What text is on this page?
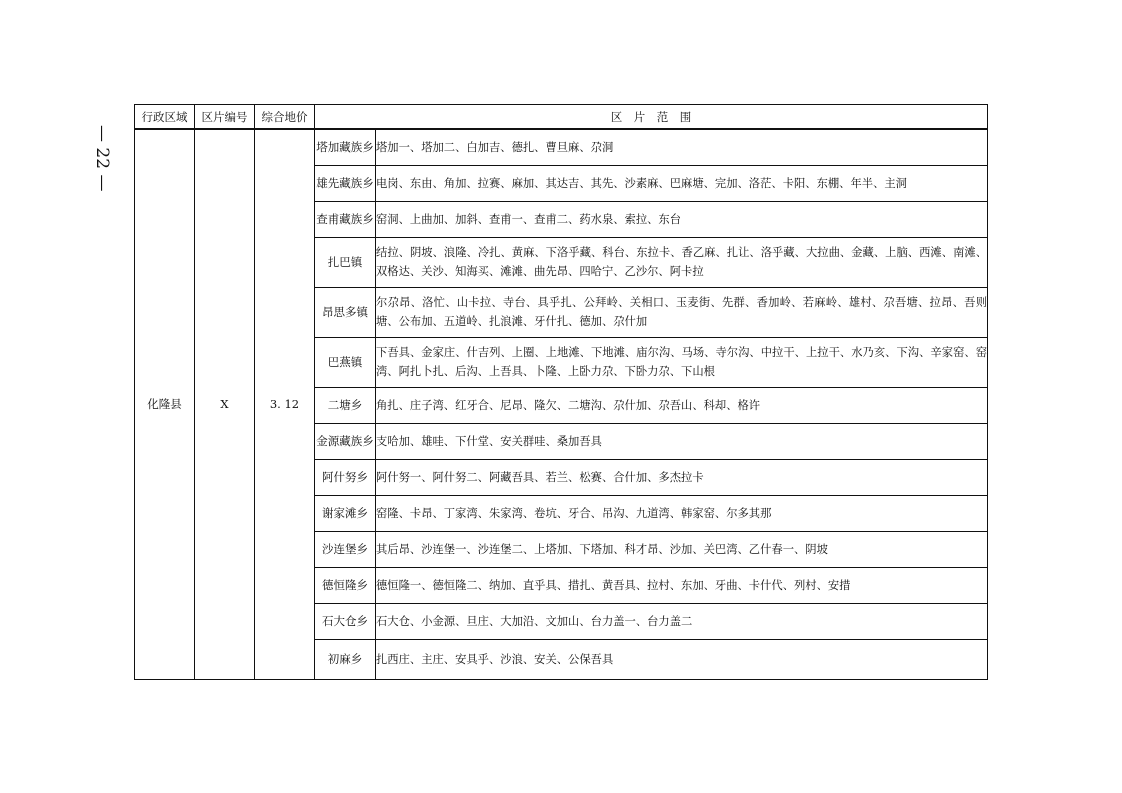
— 22 —
行政区域	区片编号	综合地价	区　片　范　围	
化隆县	X	3. 12	塔加藏族乡	塔加一、塔加二、白加吉、德扎、曹旦麻、尕洞
			雄先藏族乡	电岗、东由、角加、拉赛、麻加、其达吉、其先、沙素麻、巴麻塘、完加、洛茫、卡阳、东棚、年半、主洞
			查甫藏族乡	窑洞、上曲加、加斜、查甫一、查甫二、药水泉、索拉、东台
			扎巴镇	结拉、阴坡、浪隆、冷扎、黄麻、下洛乎藏、科台、东拉卡、香乙麻、扎让、洛乎藏、大拉曲、金藏、上脑、西滩、南滩、双格达、关沙、知海买、滩滩、曲先昂、四哈宁、乙沙尔、阿卡拉
			昂思多镇	尔尕昂、洛忙、山卡拉、寺台、具乎扎、公拜岭、关相口、玉麦街、先群、香加岭、若麻岭、雄村、尕吾塘、拉昂、吾则塘、公布加、五道岭、扎浪滩、牙什扎、德加、尕什加
			巴燕镇	下吾具、金家庄、什吉列、上圈、上地滩、下地滩、庙尔沟、马场、寺尔沟、中拉干、上拉干、水乃亥、下沟、辛家窑、窑湾、阿扎卜扎、后沟、上吾具、卜隆、上卧力尕、下卧力尕、下山根
			二塘乡	角扎、庄子湾、红牙合、尼昂、隆欠、二塘沟、尕什加、尕吾山、科却、格许
			金源藏族乡	支哈加、雄哇、下什堂、安关群哇、桑加吾具
			阿什努乡	阿什努一、阿什努二、阿藏吾具、若兰、松赛、合什加、多杰拉卡
			谢家滩乡	窑隆、卡昂、丁家湾、朱家湾、卷坑、牙合、吊沟、九道湾、韩家窑、尔多其那
			沙连堡乡	其后昂、沙连堡一、沙连堡二、上塔加、下塔加、科才昂、沙加、关巴湾、乙什春一、阴坡
			德恒隆乡	德恒隆一、德恒隆二、纳加、直乎具、措扎、黄吾具、拉村、东加、牙曲、卡什代、列村、安措
			石大仓乡	石大仓、小金源、旦庄、大加沿、文加山、台力盖一、台力盖二
			初麻乡	扎西庄、主庄、安具乎、沙浪、安关、公保吾具
